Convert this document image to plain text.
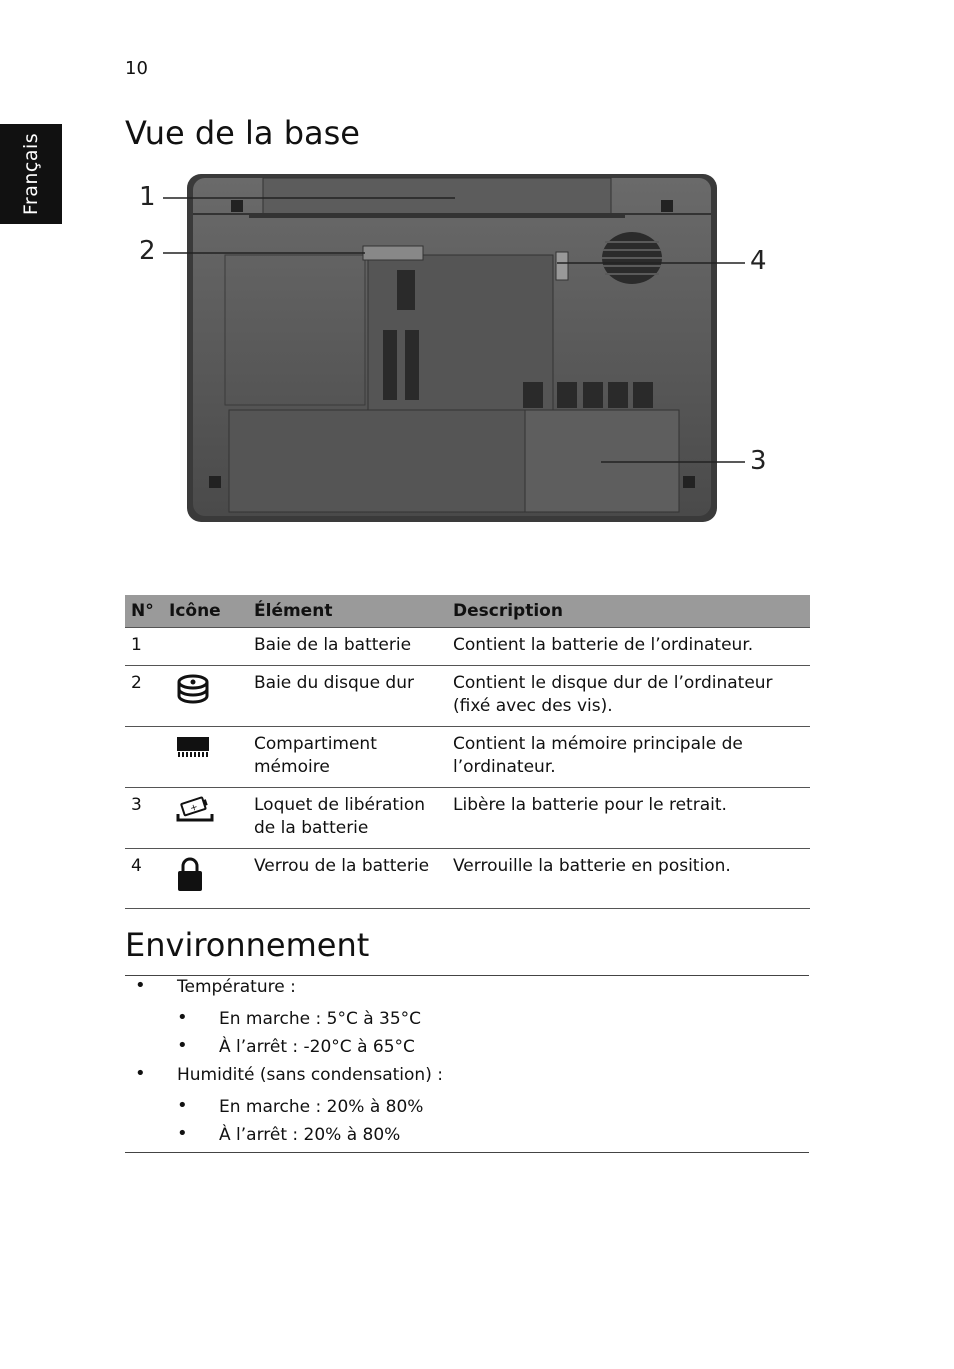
10
Français	Vue de la base
1
2
3
4
N°	Icône	Élément	Description
1		Baie de la batterie	Contient la batterie de l’ordinateur.
2		Baie du disque dur	Contient le disque dur de l’ordinateur (fixé avec des vis).
		Compartiment mémoire	Contient la mémoire principale de l’ordinateur.
3	+	Loquet de libération de la batterie	Libère la batterie pour le retrait.
4		Verrou de la batterie	Verrouille la batterie en position.
Environnement
• Température :
• En marche : 5°C à 35°C
• À l’arrêt : -20°C à 65°C
• Humidité (sans condensation) :
• En marche : 20% à 80%
• À l’arrêt : 20% à 80%
